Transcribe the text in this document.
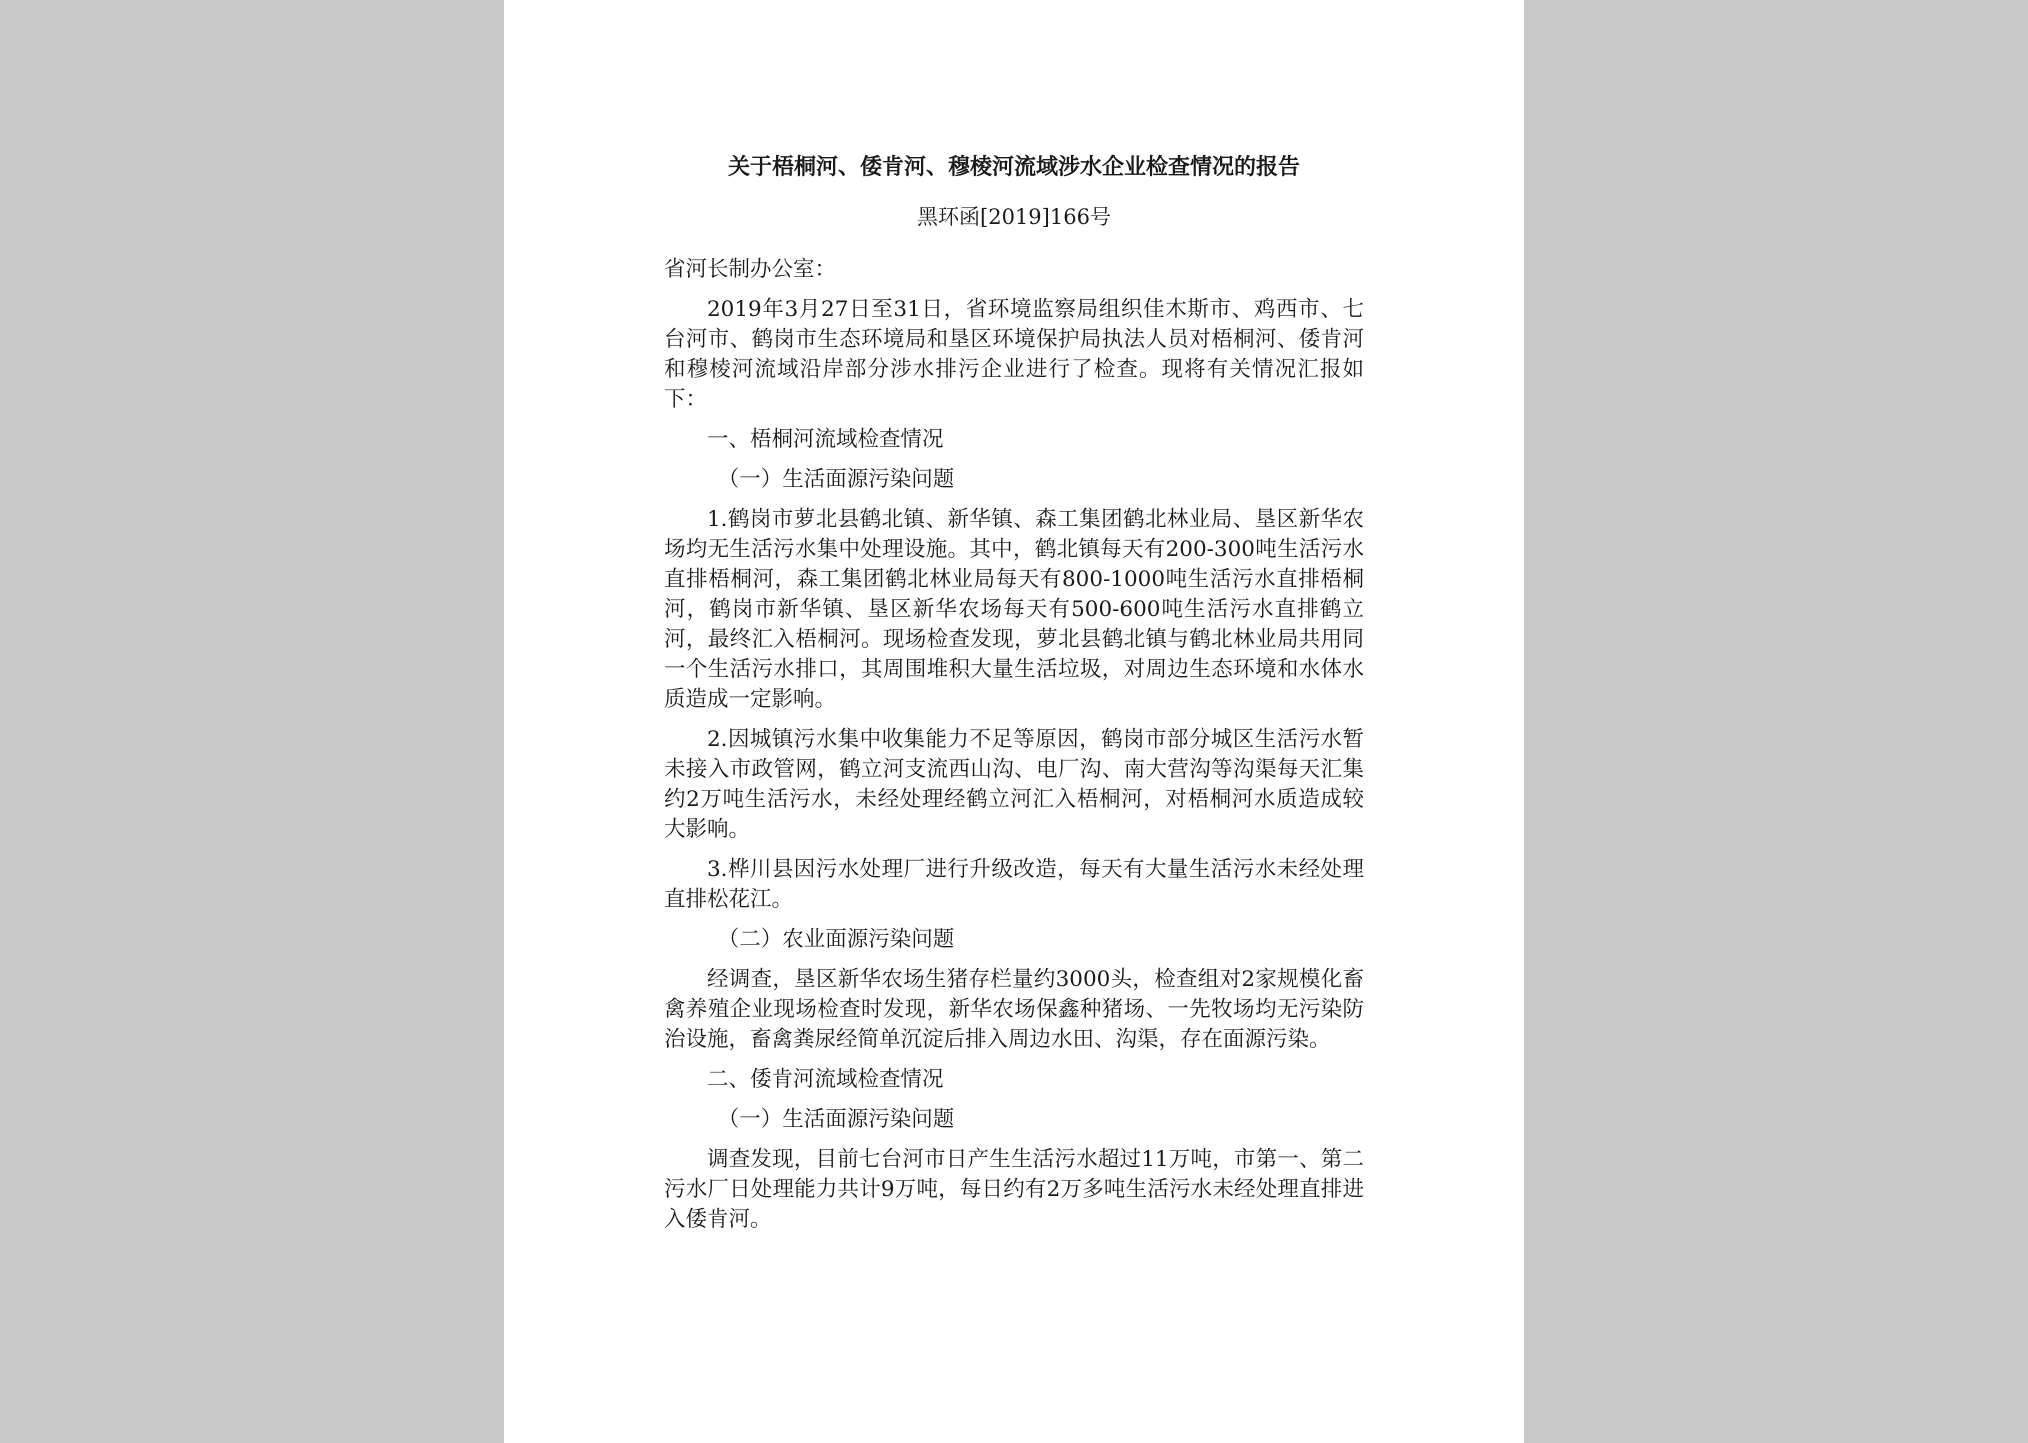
关于梧桐河、倭肯河、穆棱河流域涉水企业检查情况的报告
黑环函[2019]166号

省河长制办公室：

2019年3月27日至31日，省环境监察局组织佳木斯市、鸡西市、七台河市、鹤岗市生态环境局和垦区环境保护局执法人员对梧桐河、倭肯河和穆棱河流域沿岸部分涉水排污企业进行了检查。现将有关情况汇报如下：

一、梧桐河流域检查情况

（一）生活面源污染问题

1.鹤岗市萝北县鹤北镇、新华镇、森工集团鹤北林业局、垦区新华农场均无生活污水集中处理设施。其中，鹤北镇每天有200-300吨生活污水直排梧桐河，森工集团鹤北林业局每天有800-1000吨生活污水直排梧桐河，鹤岗市新华镇、垦区新华农场每天有500-600吨生活污水直排鹤立河，最终汇入梧桐河。现场检查发现，萝北县鹤北镇与鹤北林业局共用同一个生活污水排口，其周围堆积大量生活垃圾，对周边生态环境和水体水质造成一定影响。

2.因城镇污水集中收集能力不足等原因，鹤岗市部分城区生活污水暂未接入市政管网，鹤立河支流西山沟、电厂沟、南大营沟等沟渠每天汇集约2万吨生活污水，未经处理经鹤立河汇入梧桐河，对梧桐河水质造成较大影响。

3.桦川县因污水处理厂进行升级改造，每天有大量生活污水未经处理直排松花江。

（二）农业面源污染问题

经调查，垦区新华农场生猪存栏量约3000头，检查组对2家规模化畜禽养殖企业现场检查时发现，新华农场保鑫种猪场、一先牧场均无污染防治设施，畜禽粪尿经简单沉淀后排入周边水田、沟渠，存在面源污染。

二、倭肯河流域检查情况

（一）生活面源污染问题

调查发现，目前七台河市日产生生活污水超过11万吨，市第一、第二污水厂日处理能力共计9万吨，每日约有2万多吨生活污水未经处理直排进入倭肯河。
